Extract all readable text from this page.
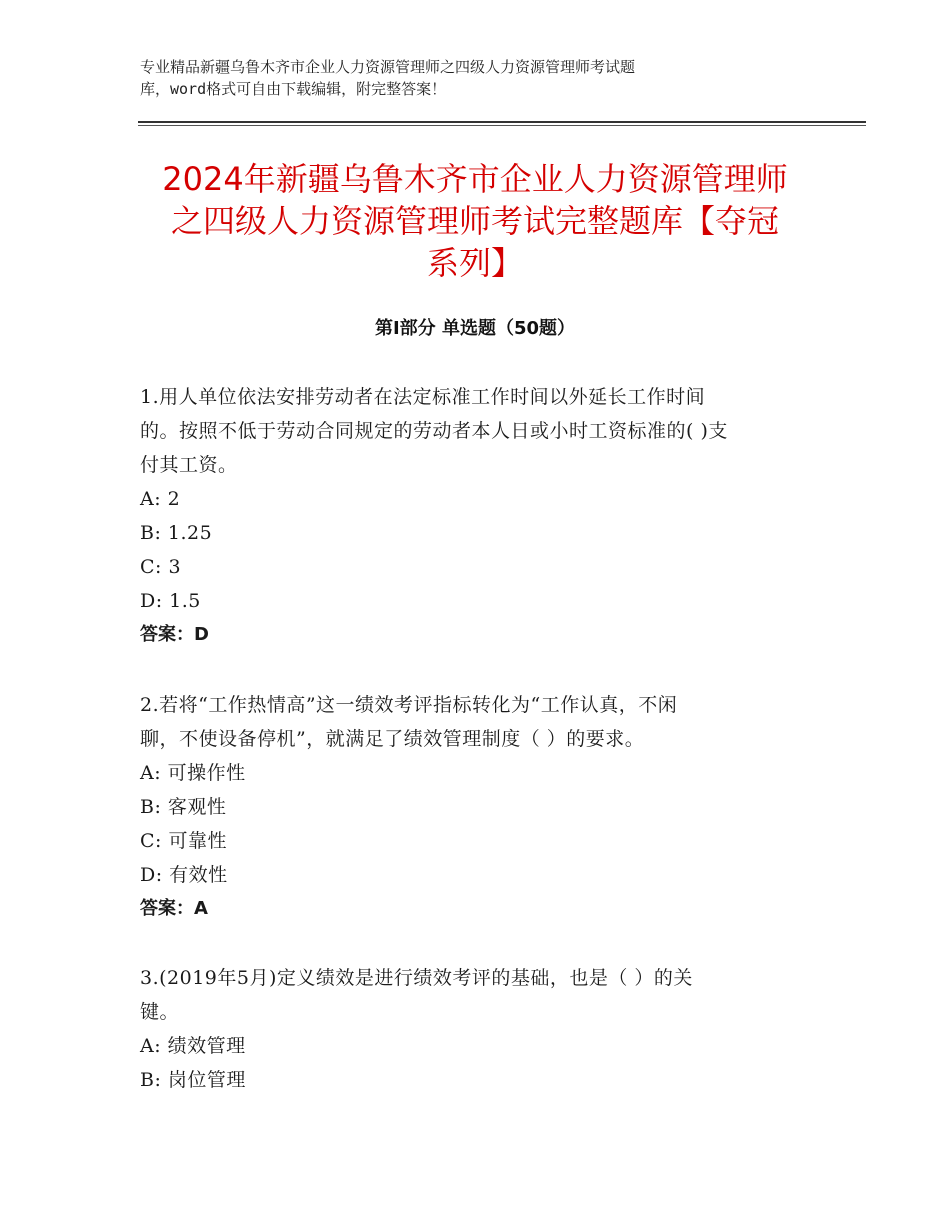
专业精品新疆乌鲁木齐市企业人力资源管理师之四级人力资源管理师考试题
库，word格式可自由下载编辑，附完整答案！
2024年新疆乌鲁木齐市企业人力资源管理师
之四级人力资源管理师考试完整题库【夺冠
系列】
第Ⅰ部分 单选题（50题）

1.用人单位依法安排劳动者在法定标准工作时间以外延长工作时间

的。按照不低于劳动合同规定的劳动者本人日或小时工资标准的( )支

付其工资。

A: 2

B: 1.25

C: 3

D: 1.5

答案：D

2.若将“工作热情高”这一绩效考评指标转化为“工作认真，不闲

聊，不使设备停机”，就满足了绩效管理制度（ ）的要求。

A: 可操作性

B: 客观性

C: 可靠性

D: 有效性

答案：A

3.(2019年5月)定义绩效是进行绩效考评的基础，也是（ ）的关

键。

A: 绩效管理

B: 岗位管理
